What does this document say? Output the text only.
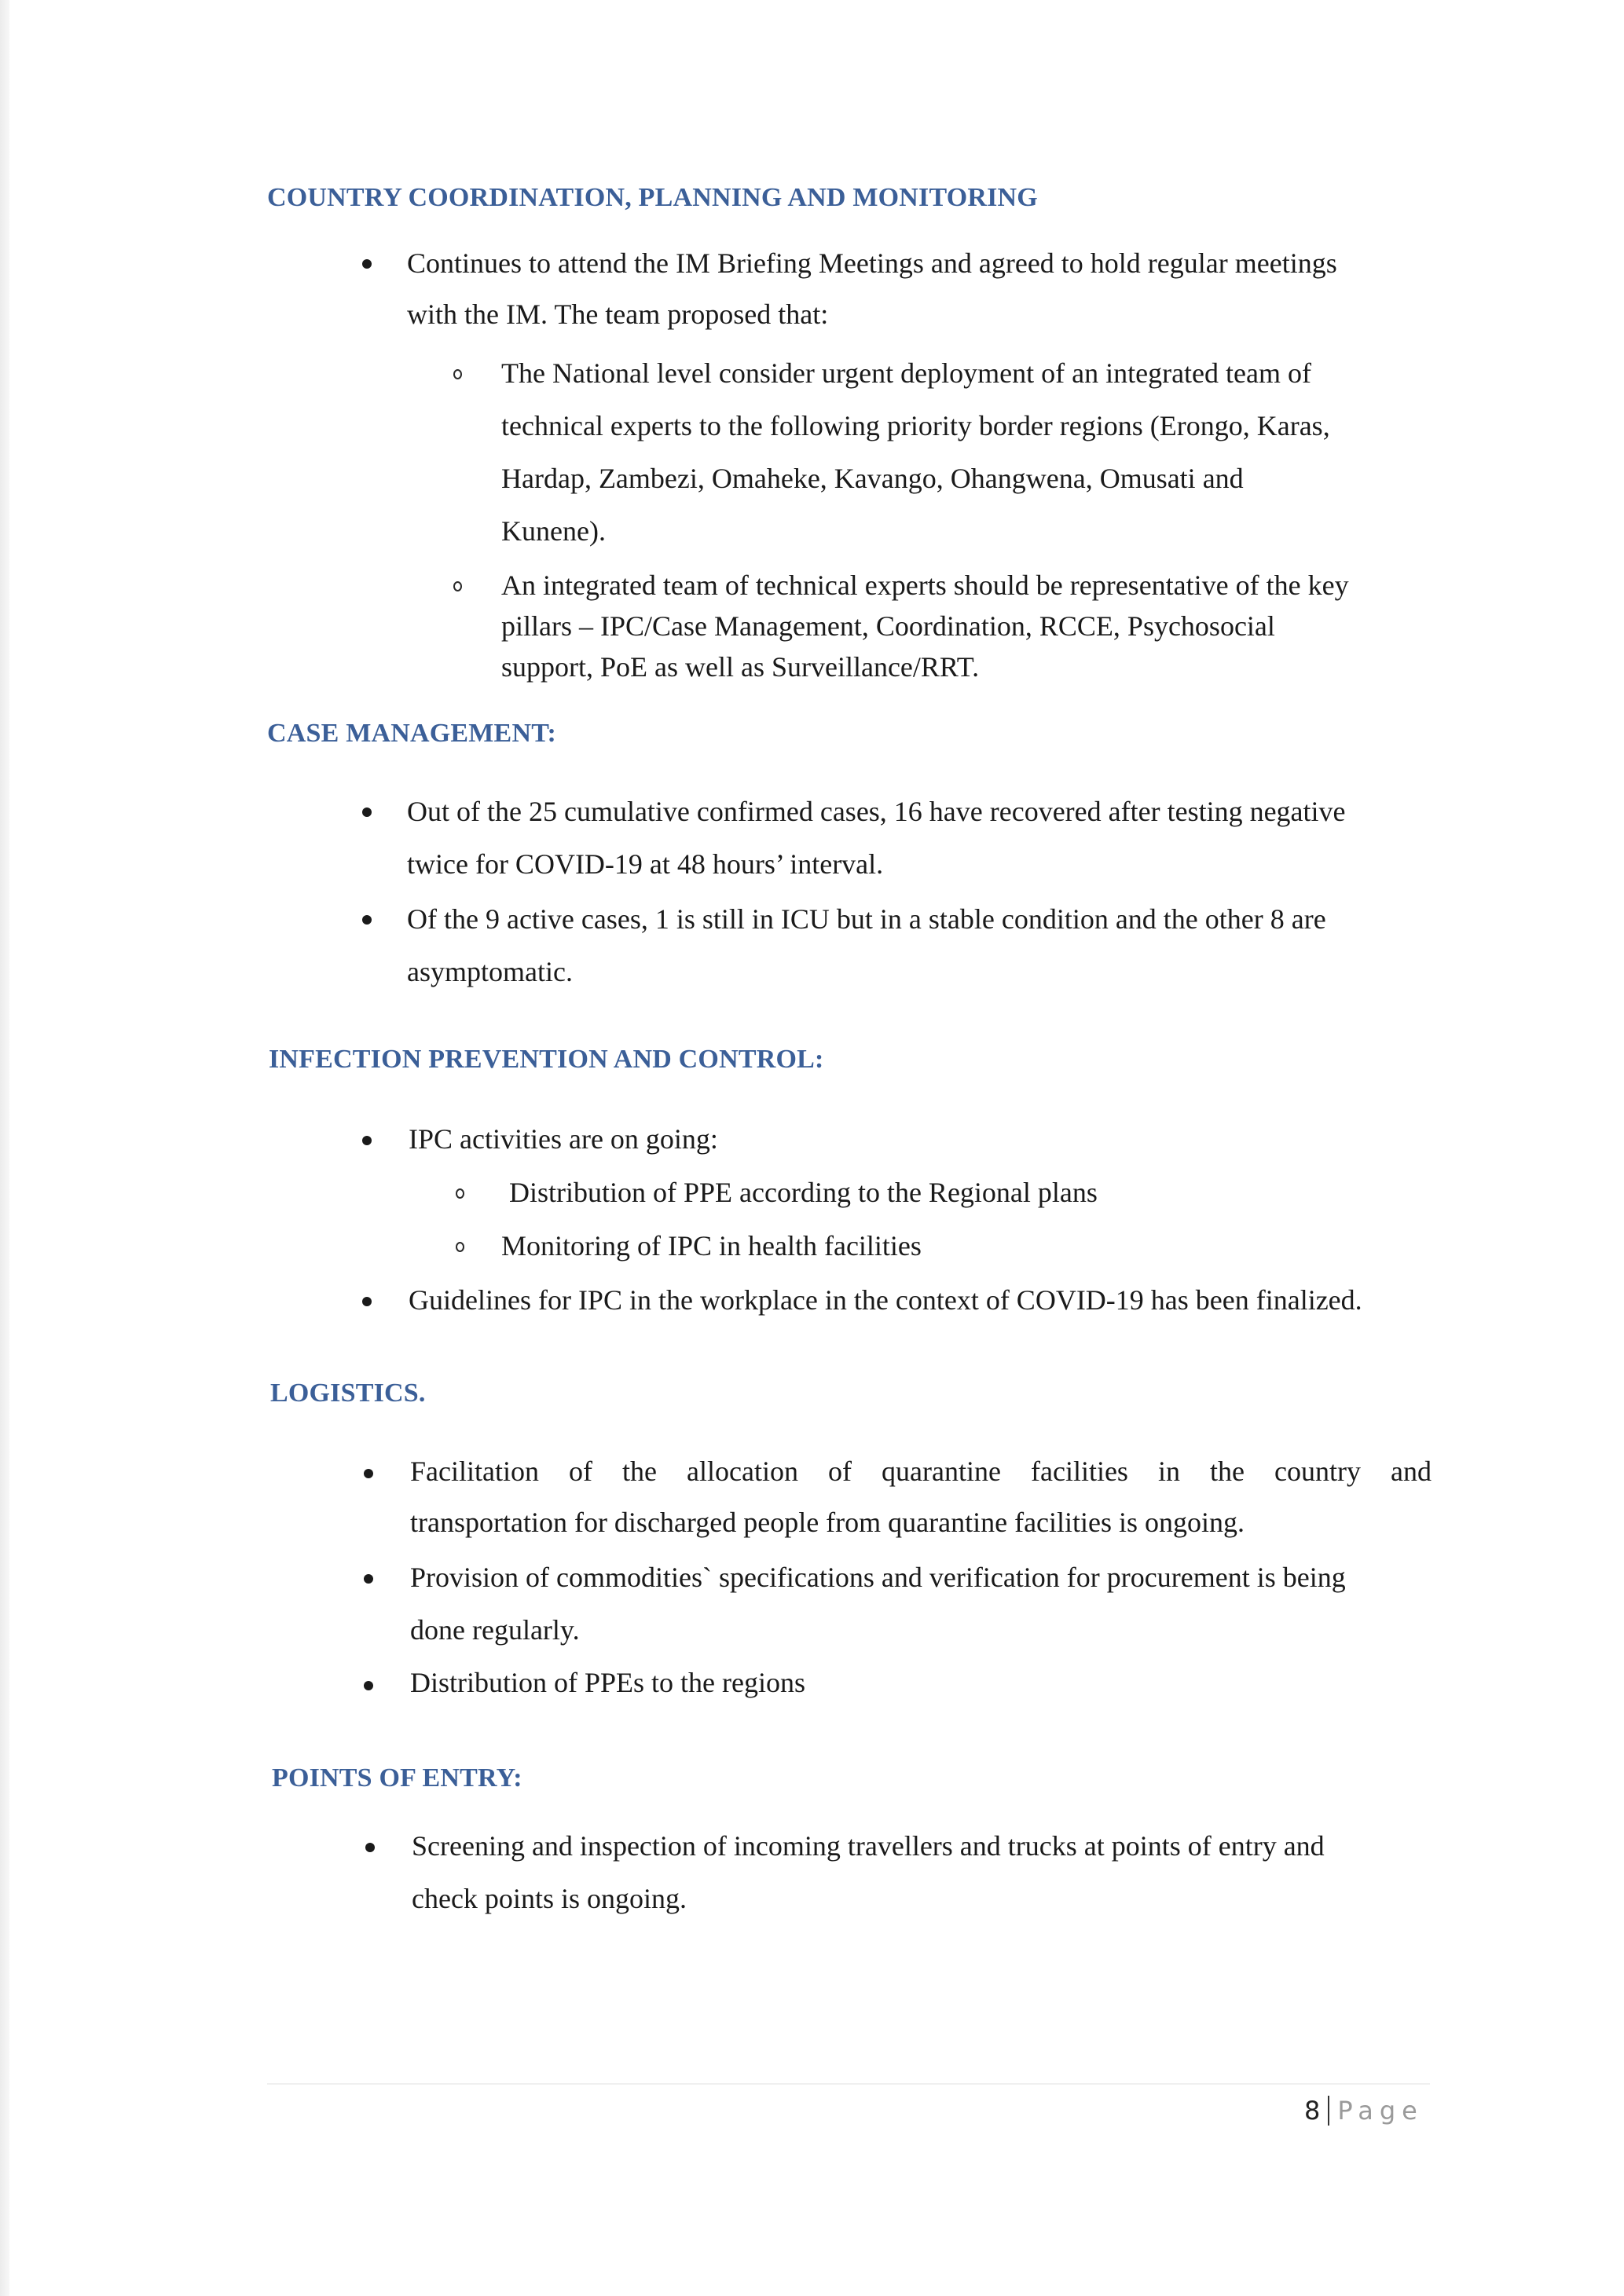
COUNTRY COORDINATION, PLANNING AND MONITORING
Continues to attend the IM Briefing Meetings and agreed to hold regular meetings
with the IM. The team proposed that:
The National level consider urgent deployment of an integrated team of
technical experts to the following priority border regions (Erongo, Karas,
Hardap, Zambezi, Omaheke, Kavango, Ohangwena, Omusati and
Kunene).
An integrated team of technical experts should be representative of the key
pillars – IPC/Case Management, Coordination, RCCE, Psychosocial
support, PoE as well as Surveillance/RRT.
CASE MANAGEMENT:
Out of the 25 cumulative confirmed cases, 16 have recovered after testing negative
twice for COVID-19 at 48 hours’ interval.
Of the 9 active cases, 1 is still in ICU but in a stable condition and the other 8 are
asymptomatic.
INFECTION PREVENTION AND CONTROL:
IPC activities are on going:
Distribution of PPE according to the Regional plans
Monitoring of IPC in health facilities
Guidelines for IPC in the workplace in the context of COVID-19 has been finalized.
LOGISTICS.
Facilitation of the allocation of quarantine facilities in the country and
transportation for discharged people from quarantine facilities is ongoing.
Provision of commodities` specifications and verification for procurement is being
done regularly.
Distribution of PPEs to the regions
POINTS OF ENTRY:
Screening and inspection of incoming travellers and trucks at points of entry and
check points is ongoing.
8 Page
